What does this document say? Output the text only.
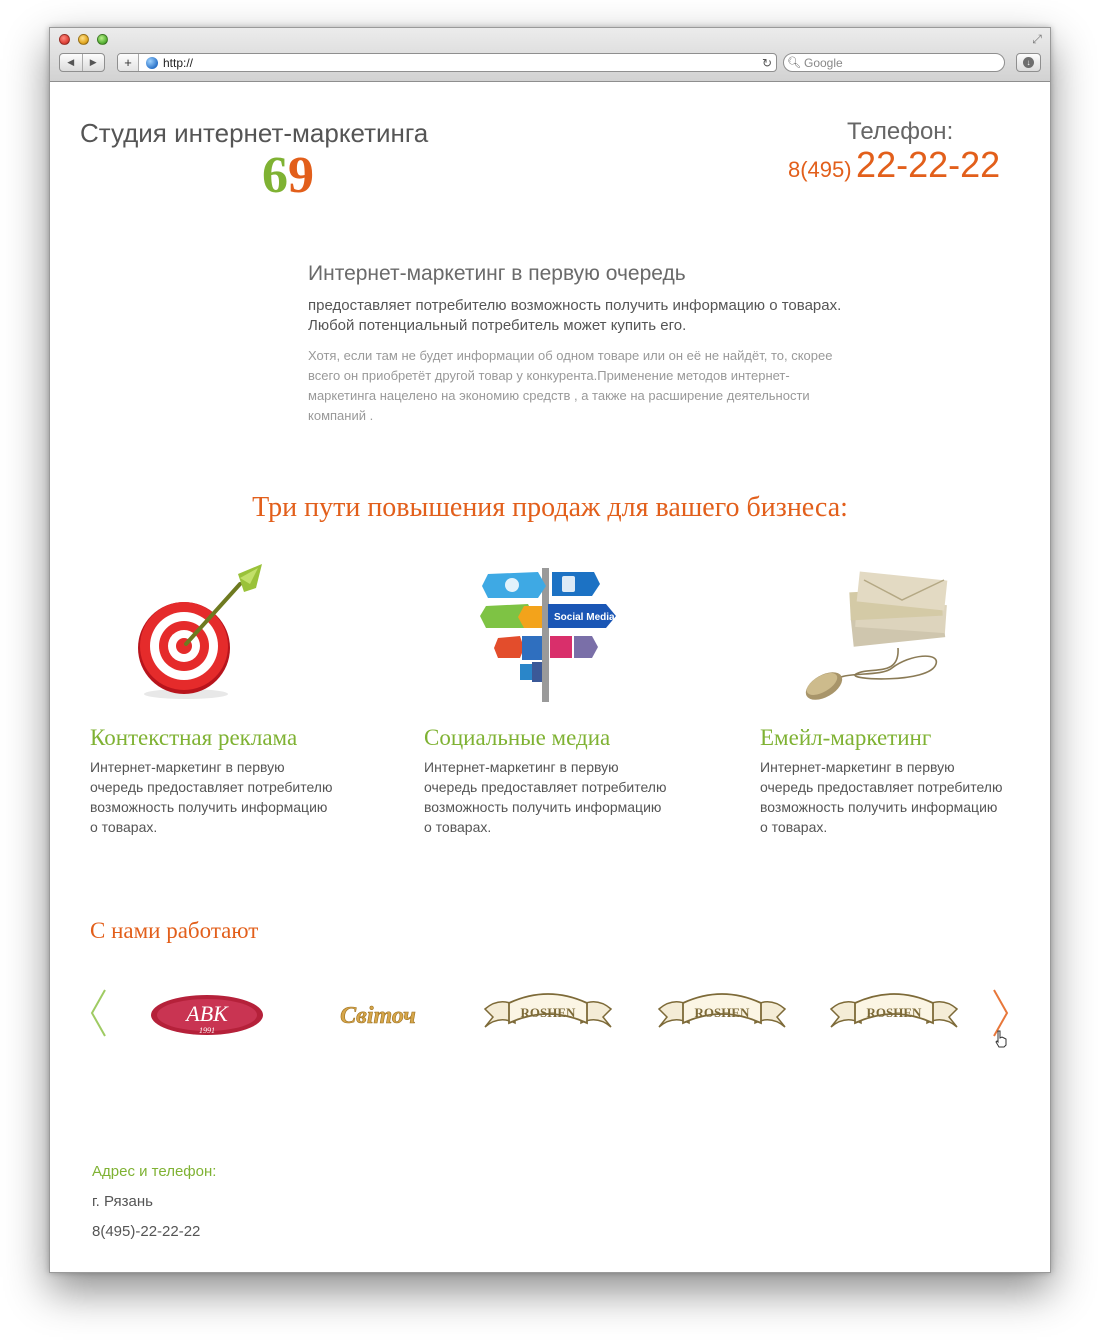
⤢
◀	▶	+	http://	↻	🔍︎ Google	↓
Студия интернет-маркетинга
69
Телефон:
8(495) 22-22-22
Интернет-маркетинг в первую очередь
предоставляет потребителю возможность получить информацию о товарах. Любой потенциальный потребитель может купить его.
Хотя, если там не будет информации об одном товаре или он её не найдёт, то, скорее всего он приобретёт другой товар у конкурента.Применение методов интернет-маркетинга нацелено на экономию средств , а также на расширение деятельности компаний .
Три пути повышения продаж для вашего бизнеса:
Контекстная реклама
Интернет-маркетинг в первую очередь предоставляет потребителю возможность получить информацию о товарах.
Social Media
Социальные медиа
Интернет-маркетинг в первую очередь предоставляет потребителю возможность получить информацию о товарах.
Емейл-маркетинг
Интернет-маркетинг в первую очередь предоставляет потребителю возможность получить информацию о товарах.
С нами работают
АВК
1991
Світоч	ROSHEN	ROSHEN	ROSHEN
Адрес и телефон:
г. Рязань
8(495)-22-22-22
